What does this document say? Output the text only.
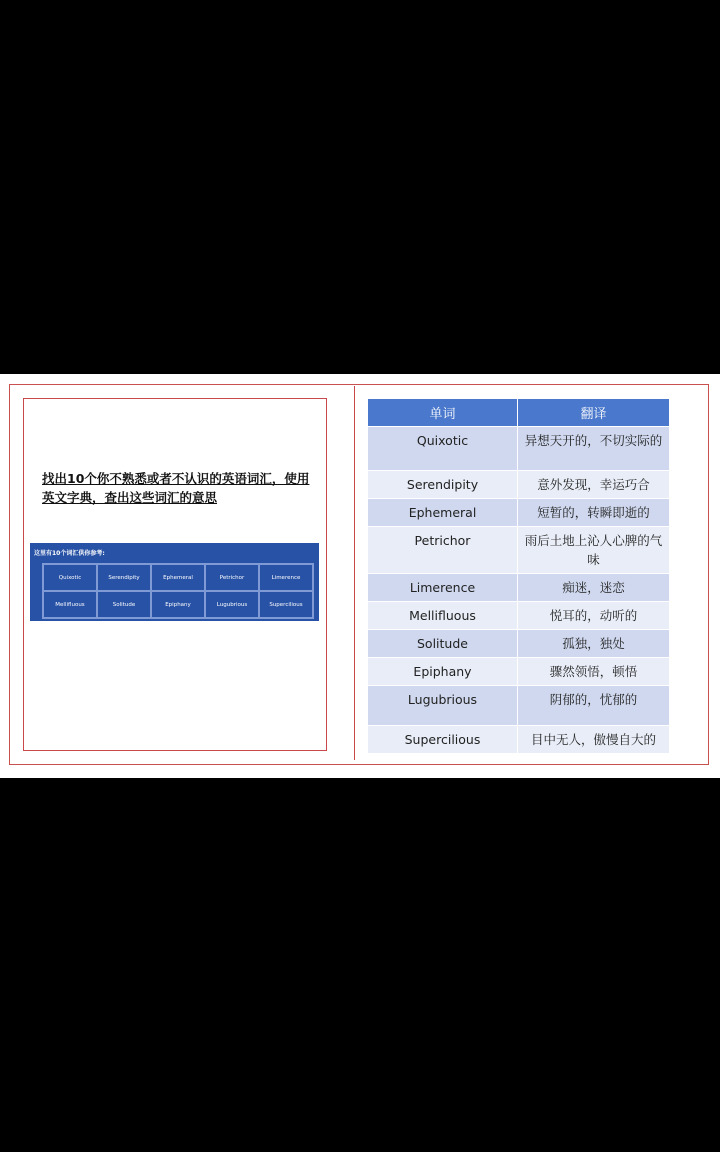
找出10个你不熟悉或者不认识的英语词汇，使用英文字典，查出这些词汇的意思
这里有10个词汇供你参考:
Quixotic	Serendipity	Ephemeral	Petrichor	Limerence
Mellifluous	Solitude	Epiphany	Lugubrious	Supercilious
单词	翻译
Quixotic	异想天开的，不切实际的
Serendipity	意外发现，幸运巧合
Ephemeral	短暂的，转瞬即逝的
Petrichor	雨后土地上沁人心脾的气味
Limerence	痴迷，迷恋
Mellifluous	悦耳的，动听的
Solitude	孤独，独处
Epiphany	骤然领悟，顿悟
Lugubrious	阴郁的，忧郁的
Supercilious	目中无人，傲慢自大的
